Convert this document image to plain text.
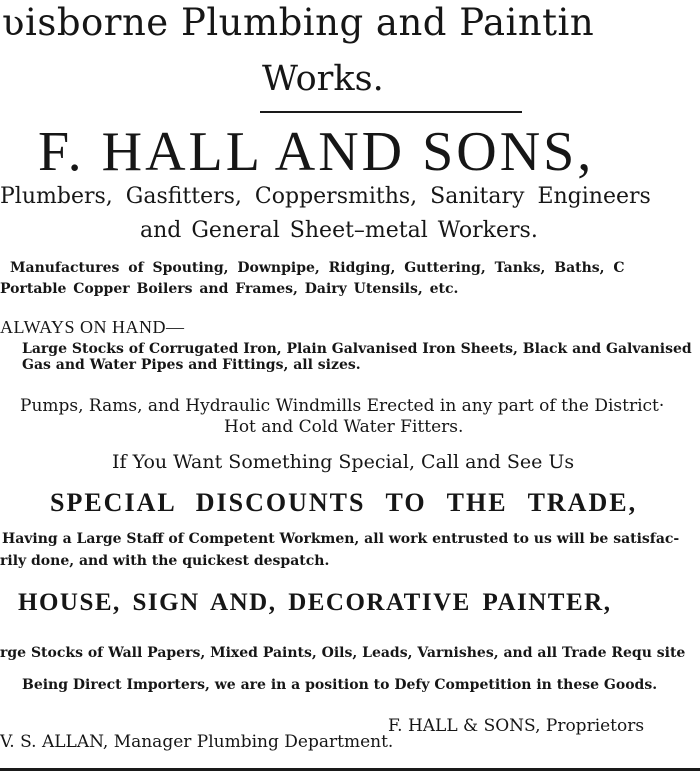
ʋisborne Plumbing and Paintin
Works.
F. HALL AND SONS,
Plumbers, Gasfitters, Coppersmiths, Sanitary Engineers
and General Sheet–metal Workers.
Manufactures of Spouting, Downpipe, Ridging, Guttering, Tanks, Baths, C
Portable Copper Boilers and Frames, Dairy Utensils, etc.
ALWAYS ON HAND—
Large Stocks of Corrugated Iron, Plain Galvanised Iron Sheets, Black and Galvanised
Gas and Water Pipes and Fittings, all sizes.
Pumps, Rams, and Hydraulic Windmills Erected in any part of the District·
Hot and Cold Water Fitters.
If You Want Something Special, Call and See Us
SPECIAL DISCOUNTS TO THE TRADE,
Having a Large Staff of Competent Workmen, all work entrusted to us will be satisfac-
rily done, and with the quickest despatch.
HOUSE, SIGN AND, DECORATIVE PAINTER,
rge Stocks of Wall Papers, Mixed Paints, Oils, Leads, Varnishes, and all Trade Requ site
Being Direct Importers, we are in a position to Defy Competition in these Goods.
F. HALL & SONS, Proprietors
V. S. ALLAN, Manager Plumbing Department.
